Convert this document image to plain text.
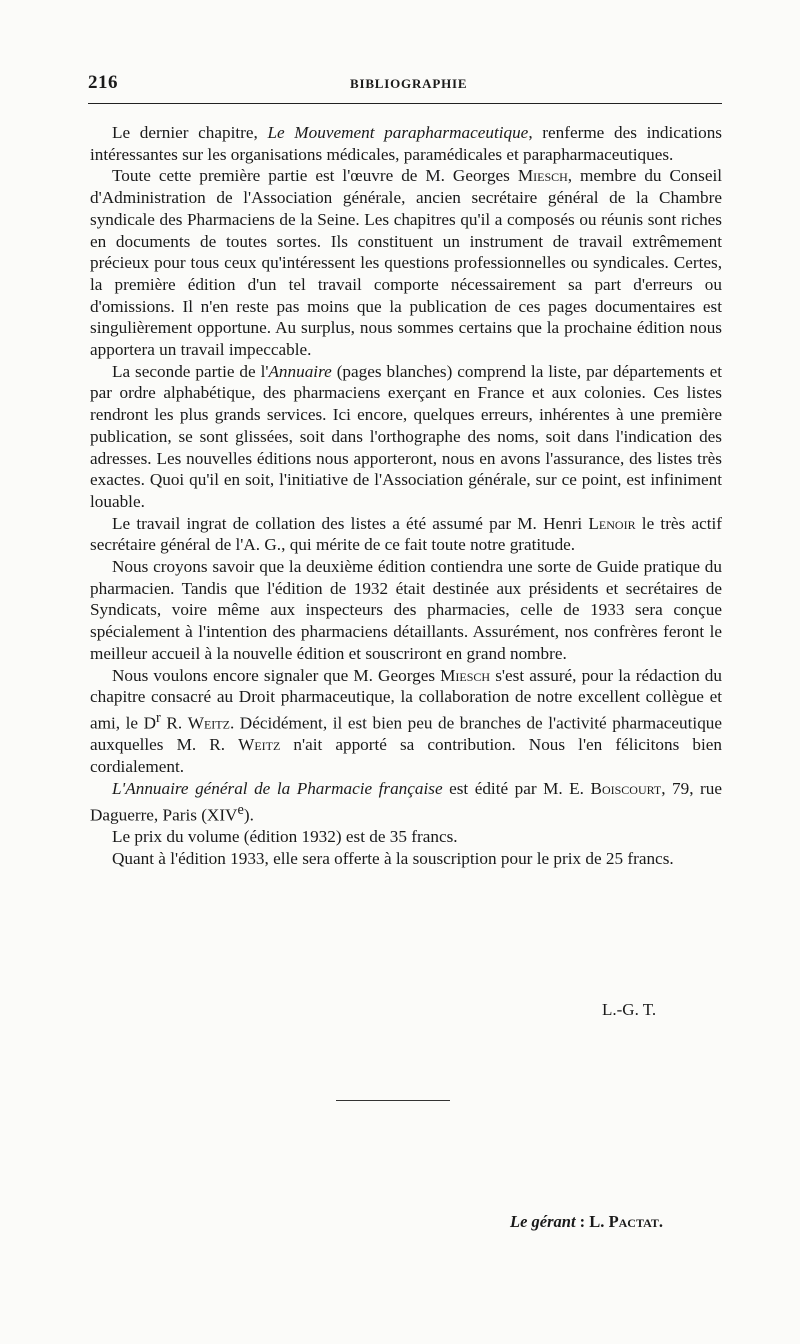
216	BIBLIOGRAPHIE

Le dernier chapitre, Le Mouvement parapharmaceutique, renferme des indications intéressantes sur les organisations médicales, paramédicales et parapharmaceutiques.

Toute cette première partie est l'œuvre de M. Georges Miesch, membre du Conseil d'Administration de l'Association générale, ancien secrétaire général de la Chambre syndicale des Pharmaciens de la Seine. Les chapitres qu'il a composés ou réunis sont riches en documents de toutes sortes. Ils constituent un instrument de travail extrêmement précieux pour tous ceux qu'intéressent les questions professionnelles ou syndicales. Certes, la première édition d'un tel travail comporte nécessairement sa part d'erreurs ou d'omissions. Il n'en reste pas moins que la publication de ces pages documentaires est singulièrement opportune. Au surplus, nous sommes certains que la prochaine édition nous apportera un travail impeccable.

La seconde partie de l'Annuaire (pages blanches) comprend la liste, par départements et par ordre alphabétique, des pharmaciens exerçant en France et aux colonies. Ces listes rendront les plus grands services. Ici encore, quelques erreurs, inhérentes à une première publication, se sont glissées, soit dans l'orthographe des noms, soit dans l'indication des adresses. Les nouvelles éditions nous apporteront, nous en avons l'assurance, des listes très exactes. Quoi qu'il en soit, l'initiative de l'Association générale, sur ce point, est infiniment louable.

Le travail ingrat de collation des listes a été assumé par M. Henri Lenoir le très actif secrétaire général de l'A. G., qui mérite de ce fait toute notre gratitude.

Nous croyons savoir que la deuxième édition contiendra une sorte de Guide pratique du pharmacien. Tandis que l'édition de 1932 était destinée aux présidents et secrétaires de Syndicats, voire même aux inspecteurs des pharmacies, celle de 1933 sera conçue spécialement à l'intention des pharmaciens détaillants. Assurément, nos confrères feront le meilleur accueil à la nouvelle édition et souscriront en grand nombre.

Nous voulons encore signaler que M. Georges Miesch s'est assuré, pour la rédaction du chapitre consacré au Droit pharmaceutique, la collaboration de notre excellent collègue et ami, le $D^r$ R. Weitz. Décidément, il est bien peu de branches de l'activité pharmaceutique auxquelles M. R. Weitz n'ait apporté sa contribution. Nous l'en félicitons bien cordialement.

L'Annuaire général de la Pharmacie française est édité par M. E. Boiscourt, 79, rue Daguerre, Paris (XIVe).

Le prix du volume (édition 1932) est de 35 francs.

Quant à l'édition 1933, elle sera offerte à la souscription pour le prix de 25 francs.

L.-G. T.
Le gérant : L. Pactat.
